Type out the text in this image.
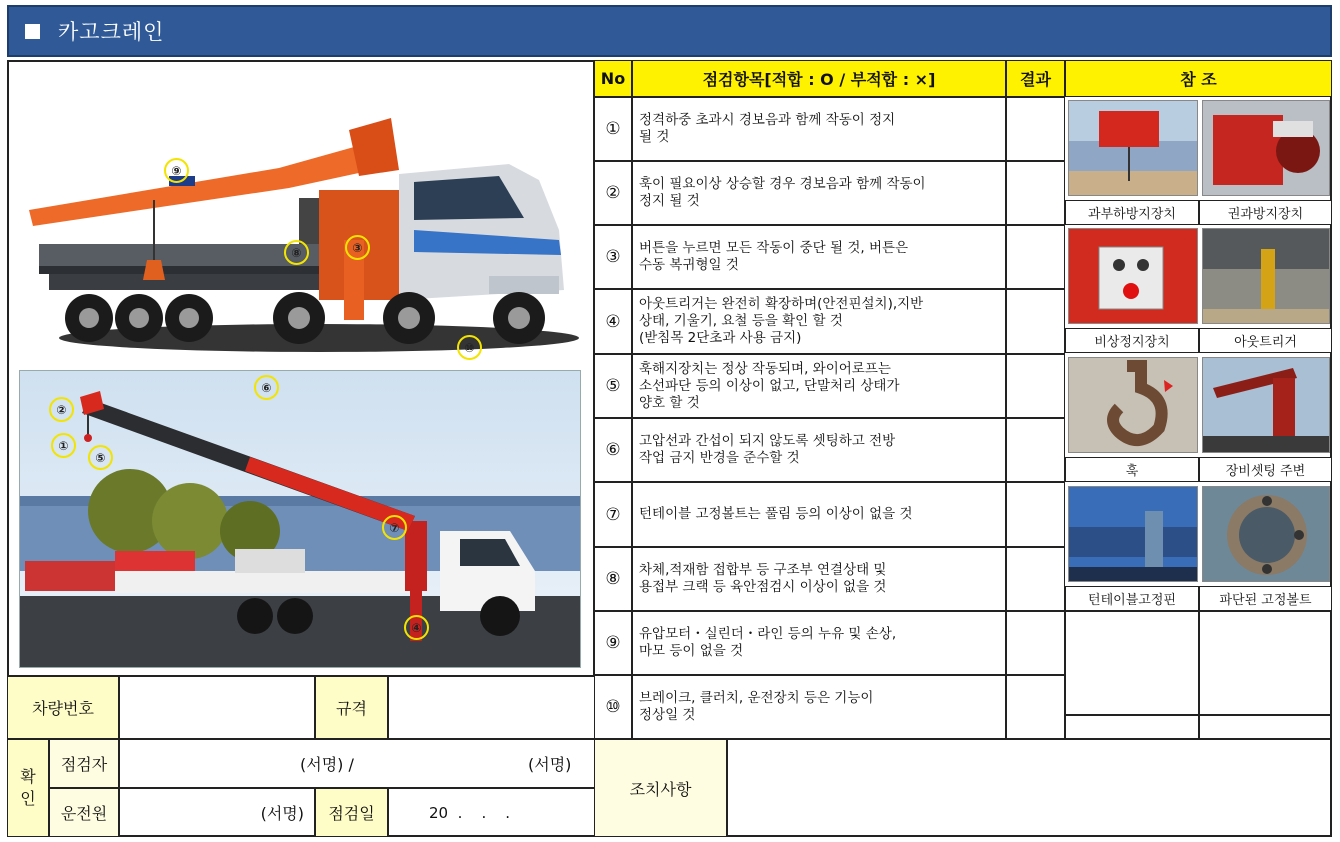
카고크레인
⑨
⑧	③
⑩
⑥
②
①
⑤
⑦
④
차량번호	규격
확
인
점검자	(서명) /	(서명)
운전원	(서명)	점검일	20  .    .    .
조치사항
No	점검항목[적합 : O / 부적합 : ×]	결과	참 조
①	정격하중 초과시 경보음과 함께 작동이 정지
될 것
②	훅이 필요이상 상승할 경우 경보음과 함께 작동이
정지 될 것
③	버튼을 누르면 모든 작동이 중단 될 것, 버튼은
수동 복귀형일 것
④
아웃트리거는 완전히 확장하며(안전핀설치),지반
상태, 기울기, 요철 등을 확인 할 것
(받침목 2단초과 사용 금지)
⑤
훅해지장치는 정상 작동되며, 와이어로프는
소선파단 등의 이상이 없고, 단말처리 상태가
양호 할 것
⑥	고압선과 간섭이 되지 않도록 셋팅하고 전방
작업 금지 반경을 준수할 것
⑦	턴테이블 고정볼트는 풀림 등의 이상이 없을 것
⑧	차체,적재함 접합부 등 구조부 연결상태 및
용접부 크랙 등 육안점검시 이상이 없을 것
⑨	유압모터・실린더・라인 등의 누유 및 손상,
마모 등이 없을 것
⑩	브레이크, 클러치, 운전장치 등은 기능이
정상일 것
과부하방지장치	권과방지장치
비상정지장치	아웃트리거
훅	장비셋팅 주변
턴테이블고정핀	파단된 고정볼트
